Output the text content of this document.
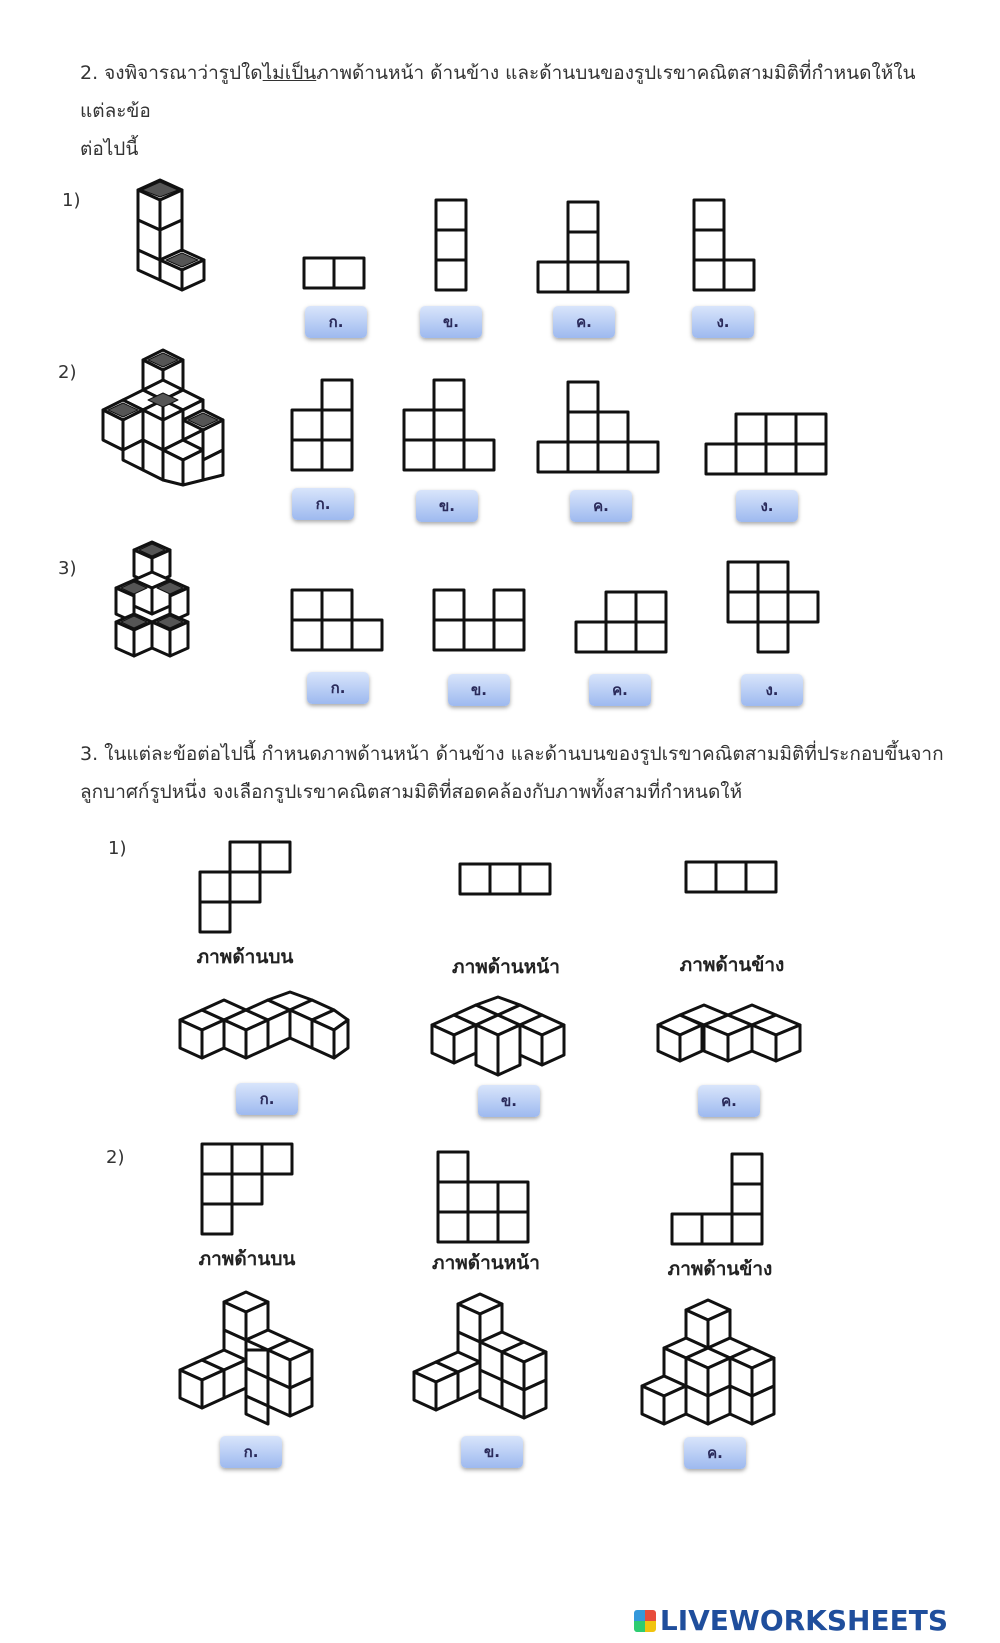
2. จงพิจารณาว่ารูปใดไม่เป็นภาพด้านหน้า ด้านข้าง และด้านบนของรูปเรขาคณิตสามมิติที่กำหนดให้ในแต่ละข้อ
ต่อไปนี้
1)
2)
3)
ก.	ข.	ค.	ง.
ก.	ข.	ค.	ง.
ก.	ข.	ค.	ง.
3. ในแต่ละข้อต่อไปนี้ กำหนดภาพด้านหน้า ด้านข้าง และด้านบนของรูปเรขาคณิตสามมิติที่ประกอบขึ้นจาก
ลูกบาศก์รูปหนึ่ง จงเลือกรูปเรขาคณิตสามมิติที่สอดคล้องกับภาพทั้งสามที่กำหนดให้
1)
ภาพด้านบน	ภาพด้านหน้า	ภาพด้านข้าง
ก.	ข.	ค.
2)
ภาพด้านบน	ภาพด้านหน้า	ภาพด้านข้าง
ก.	ข.	ค.
LIVEWORKSHEETS
